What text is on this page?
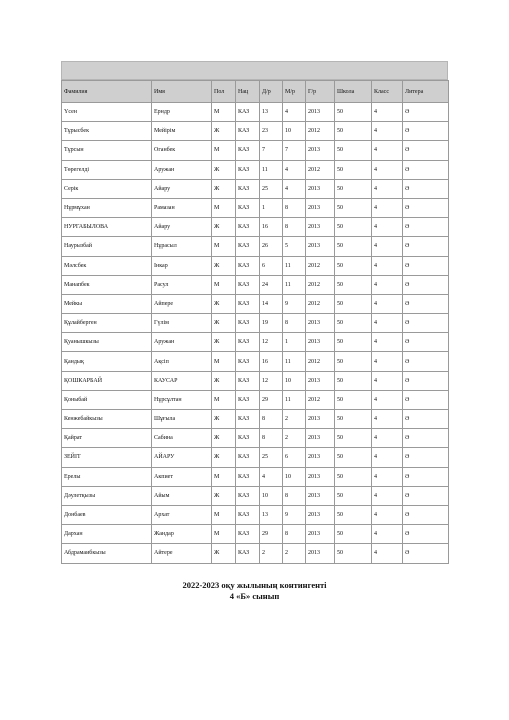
Фамилия	Имя	Пол	Нац	Д/р	М/р	Г/р	Школа	Класс	Литера
Үсен	Ерндр	М	КАЗ	13	4	2013	50	4	Ә
Тұрысбек	Мейірім	Ж	КАЗ	23	10	2012	50	4	Ә
Тұрсын	Оганбек	М	КАЗ	7	7	2013	50	4	Ә
Төрегелді	Аружан	Ж	КАЗ	11	4	2012	50	4	Ә
Серік	Айару	Ж	КАЗ	25	4	2013	50	4	Ә
Нұрмұхан	Рамазан	М	КАЗ	1	8	2013	50	4	Ә
НУРГАБЫЛОВА	Айару	Ж	КАЗ	16	8	2013	50	4	Ә
Наурызбай	Нұрасыл	М	КАЗ	26	5	2013	50	4	Ә
Мәлсбек	Інкар	Ж	КАЗ	6	11	2012	50	4	Ә
Манапбек	Расул	М	КАЗ	24	11	2012	50	4	Ә
Мейкы	Айпере	Ж	КАЗ	14	9	2012	50	4	Ә
Құлайберген	Гүлім	Ж	КАЗ	19	8	2013	50	4	Ә
Қуанышкызы	Аружан	Ж	КАЗ	12	1	2013	50	4	Ә
Қандық	Ақсіп	М	КАЗ	16	11	2012	50	4	Ә
ҚОШКАРБАЙ	КАУСАР	Ж	КАЗ	12	10	2013	50	4	Ә
Қоныбай	Нұрсұлтан	М	КАЗ	29	11	2012	50	4	Ә
Кенжебайкызы	Шұғыла	Ж	КАЗ	8	2	2013	50	4	Ә
Қайрат	Сабина	Ж	КАЗ	8	2	2013	50	4	Ә
ЗЕЙІТ	АЙАРУ	Ж	КАЗ	25	6	2013	50	4	Ә
Ерелы	Акпиет	М	КАЗ	4	10	2013	50	4	Ә
Дәулетқызы	Айым	Ж	КАЗ	10	8	2013	50	4	Ә
Донбаев	Архат	М	КАЗ	13	9	2013	50	4	Ә
Дархан	Жандар	М	КАЗ	29	8	2013	50	4	Ә
Абдрамаибкызы	Айтере	Ж	КАЗ	2	2	2013	50	4	Ә
2022-2023 оқу жылының контингенті
4 «Б» сынып
